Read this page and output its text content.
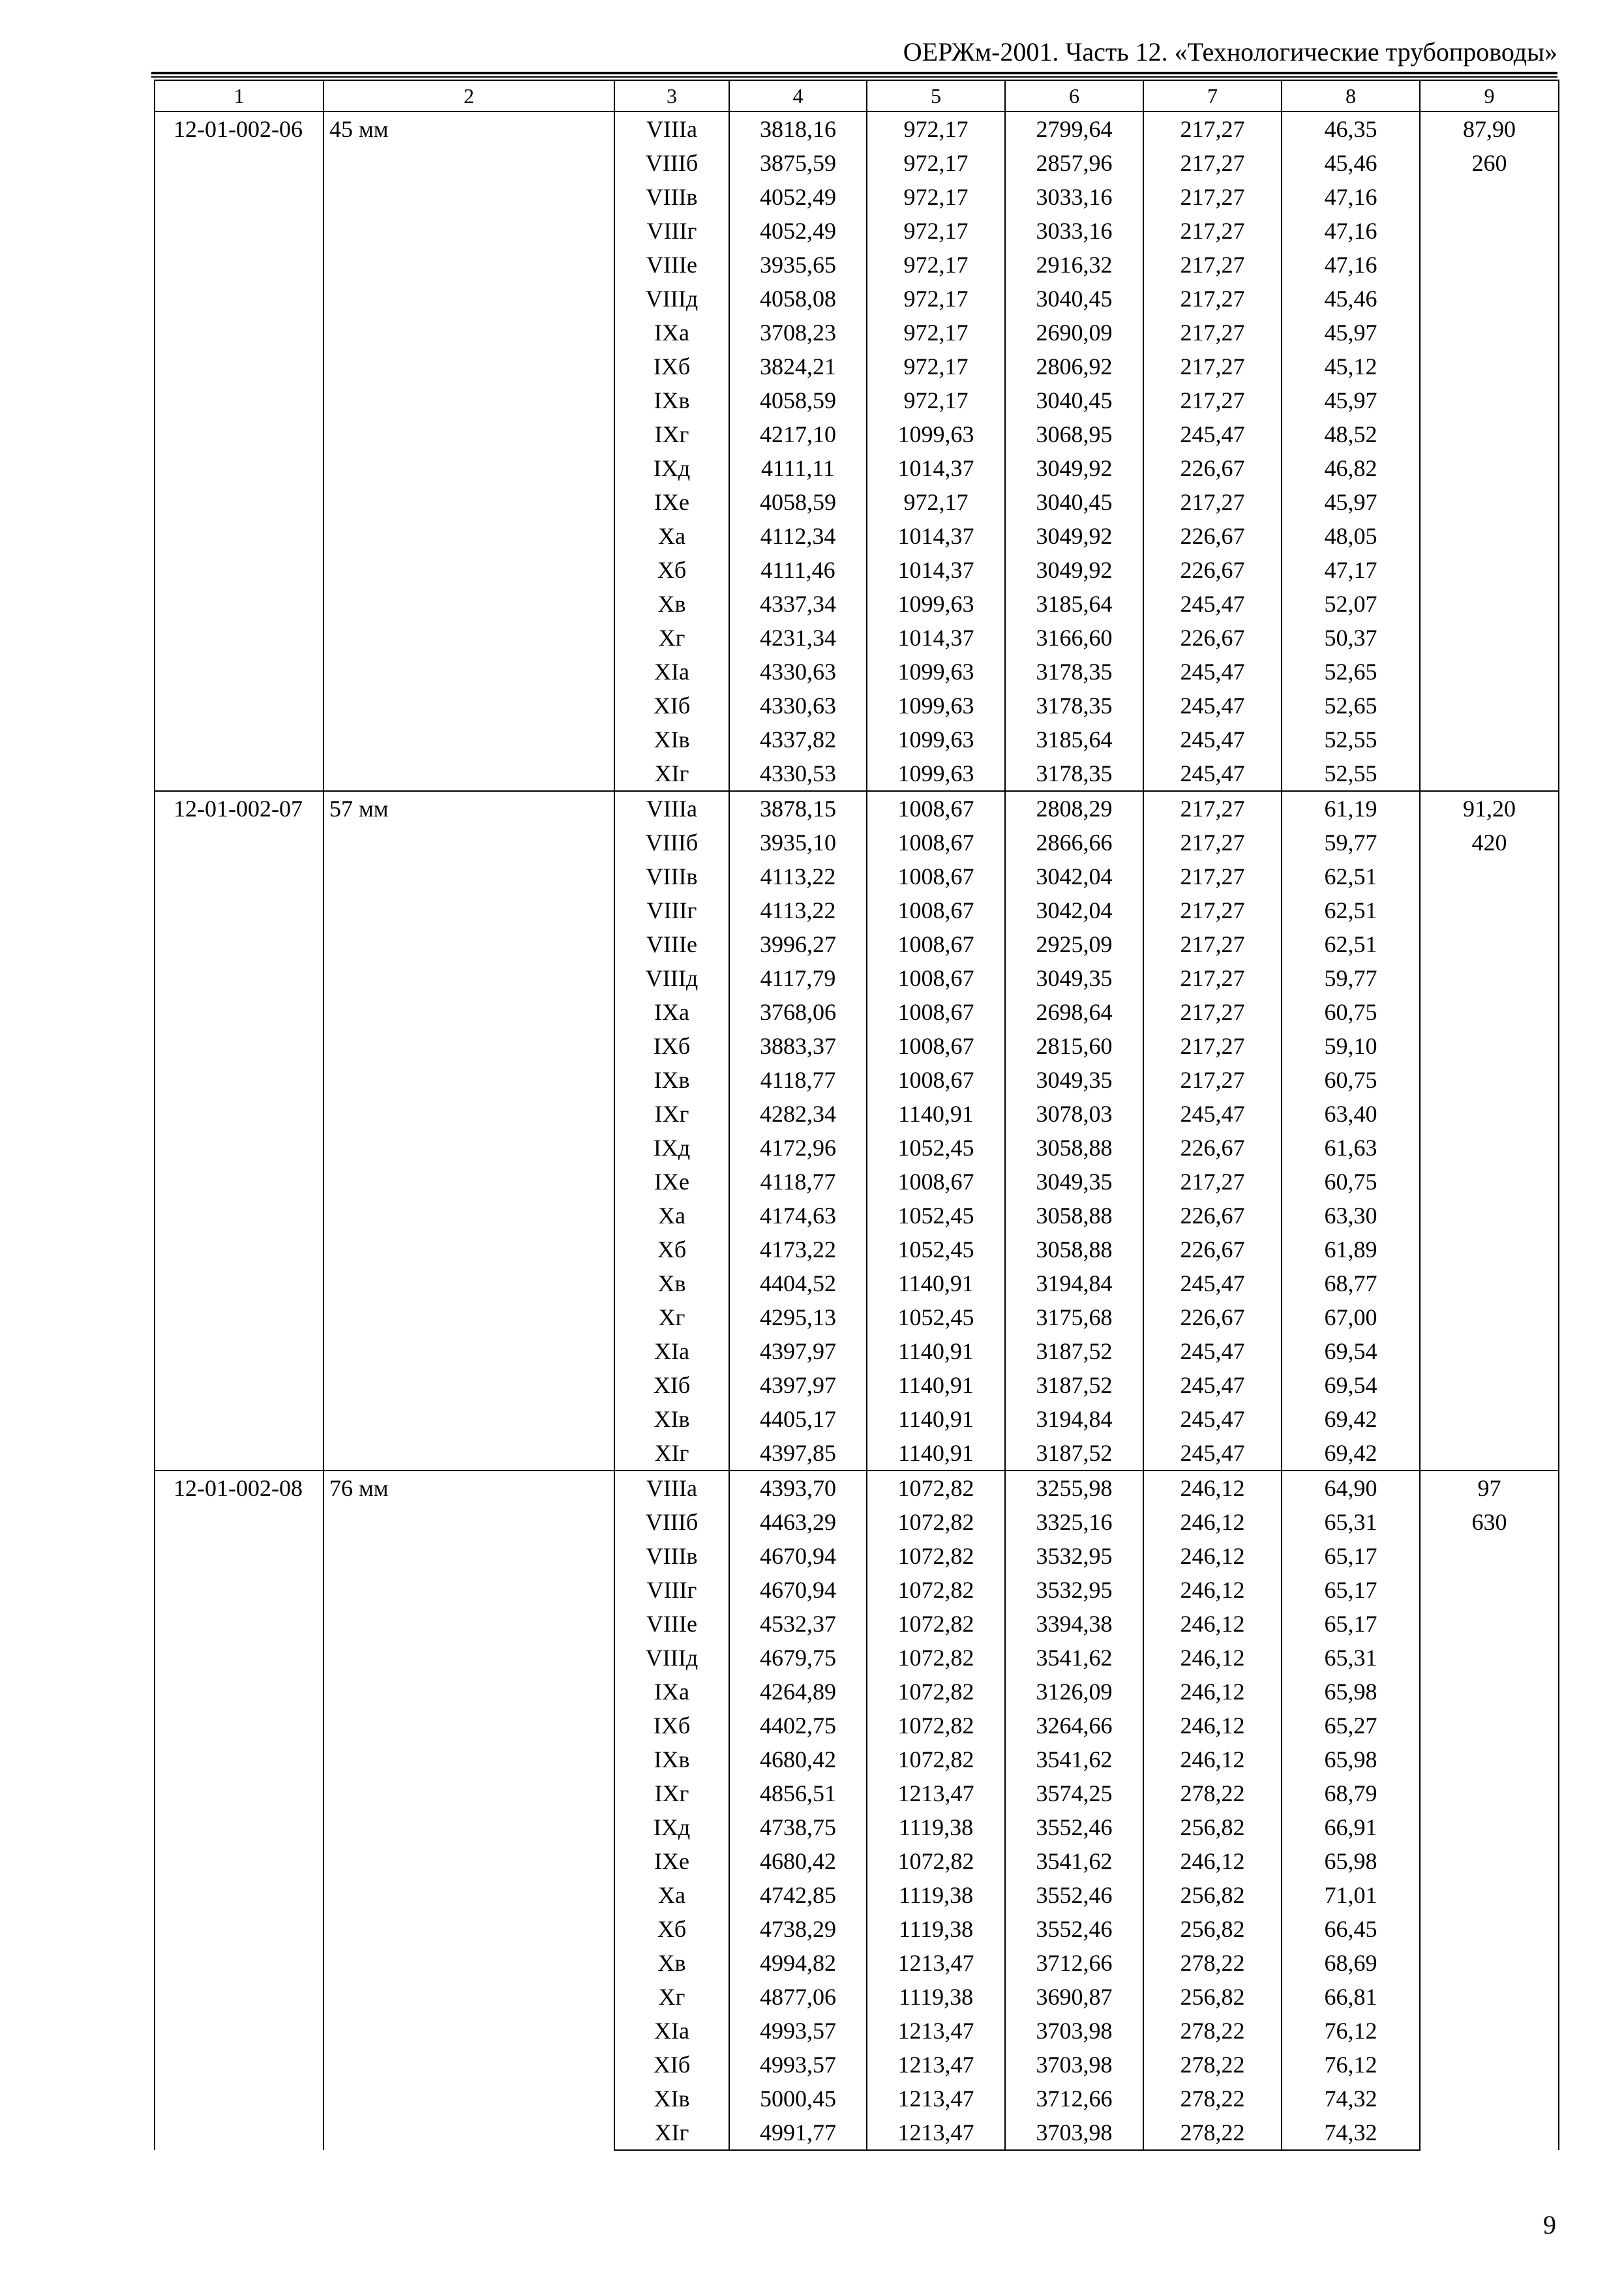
ОЕРЖм-2001. Часть 12. «Технологические трубопроводы»
1	2	3	4	5	6	7	8	9
12-01-002-06	45 мм	VIIIа	3818,16	972,17	2799,64	217,27	46,35	87,90
		VIIIб	3875,59	972,17	2857,96	217,27	45,46	260
		VIIIв	4052,49	972,17	3033,16	217,27	47,16	
		VIIIг	4052,49	972,17	3033,16	217,27	47,16	
		VIIIе	3935,65	972,17	2916,32	217,27	47,16	
		VIIIд	4058,08	972,17	3040,45	217,27	45,46	
		IXа	3708,23	972,17	2690,09	217,27	45,97	
		IXб	3824,21	972,17	2806,92	217,27	45,12	
		IXв	4058,59	972,17	3040,45	217,27	45,97	
		IXг	4217,10	1099,63	3068,95	245,47	48,52	
		IXд	4111,11	1014,37	3049,92	226,67	46,82	
		IXе	4058,59	972,17	3040,45	217,27	45,97	
		Xа	4112,34	1014,37	3049,92	226,67	48,05	
		Xб	4111,46	1014,37	3049,92	226,67	47,17	
		Xв	4337,34	1099,63	3185,64	245,47	52,07	
		Xг	4231,34	1014,37	3166,60	226,67	50,37	
		XIа	4330,63	1099,63	3178,35	245,47	52,65	
		XIб	4330,63	1099,63	3178,35	245,47	52,65	
		XIв	4337,82	1099,63	3185,64	245,47	52,55	
		XIг	4330,53	1099,63	3178,35	245,47	52,55	
12-01-002-07	57 мм	VIIIа	3878,15	1008,67	2808,29	217,27	61,19	91,20
		VIIIб	3935,10	1008,67	2866,66	217,27	59,77	420
		VIIIв	4113,22	1008,67	3042,04	217,27	62,51	
		VIIIг	4113,22	1008,67	3042,04	217,27	62,51	
		VIIIе	3996,27	1008,67	2925,09	217,27	62,51	
		VIIIд	4117,79	1008,67	3049,35	217,27	59,77	
		IXа	3768,06	1008,67	2698,64	217,27	60,75	
		IXб	3883,37	1008,67	2815,60	217,27	59,10	
		IXв	4118,77	1008,67	3049,35	217,27	60,75	
		IXг	4282,34	1140,91	3078,03	245,47	63,40	
		IXд	4172,96	1052,45	3058,88	226,67	61,63	
		IXе	4118,77	1008,67	3049,35	217,27	60,75	
		Xа	4174,63	1052,45	3058,88	226,67	63,30	
		Xб	4173,22	1052,45	3058,88	226,67	61,89	
		Xв	4404,52	1140,91	3194,84	245,47	68,77	
		Xг	4295,13	1052,45	3175,68	226,67	67,00	
		XIа	4397,97	1140,91	3187,52	245,47	69,54	
		XIб	4397,97	1140,91	3187,52	245,47	69,54	
		XIв	4405,17	1140,91	3194,84	245,47	69,42	
		XIг	4397,85	1140,91	3187,52	245,47	69,42	
12-01-002-08	76 мм	VIIIа	4393,70	1072,82	3255,98	246,12	64,90	97
		VIIIб	4463,29	1072,82	3325,16	246,12	65,31	630
		VIIIв	4670,94	1072,82	3532,95	246,12	65,17	
		VIIIг	4670,94	1072,82	3532,95	246,12	65,17	
		VIIIе	4532,37	1072,82	3394,38	246,12	65,17	
		VIIIд	4679,75	1072,82	3541,62	246,12	65,31	
		IXа	4264,89	1072,82	3126,09	246,12	65,98	
		IXб	4402,75	1072,82	3264,66	246,12	65,27	
		IXв	4680,42	1072,82	3541,62	246,12	65,98	
		IXг	4856,51	1213,47	3574,25	278,22	68,79	
		IXд	4738,75	1119,38	3552,46	256,82	66,91	
		IXе	4680,42	1072,82	3541,62	246,12	65,98	
		Xа	4742,85	1119,38	3552,46	256,82	71,01	
		Xб	4738,29	1119,38	3552,46	256,82	66,45	
		Xв	4994,82	1213,47	3712,66	278,22	68,69	
		Xг	4877,06	1119,38	3690,87	256,82	66,81	
		XIа	4993,57	1213,47	3703,98	278,22	76,12	
		XIб	4993,57	1213,47	3703,98	278,22	76,12	
		XIв	5000,45	1213,47	3712,66	278,22	74,32	
		XIг	4991,77	1213,47	3703,98	278,22	74,32	
9
